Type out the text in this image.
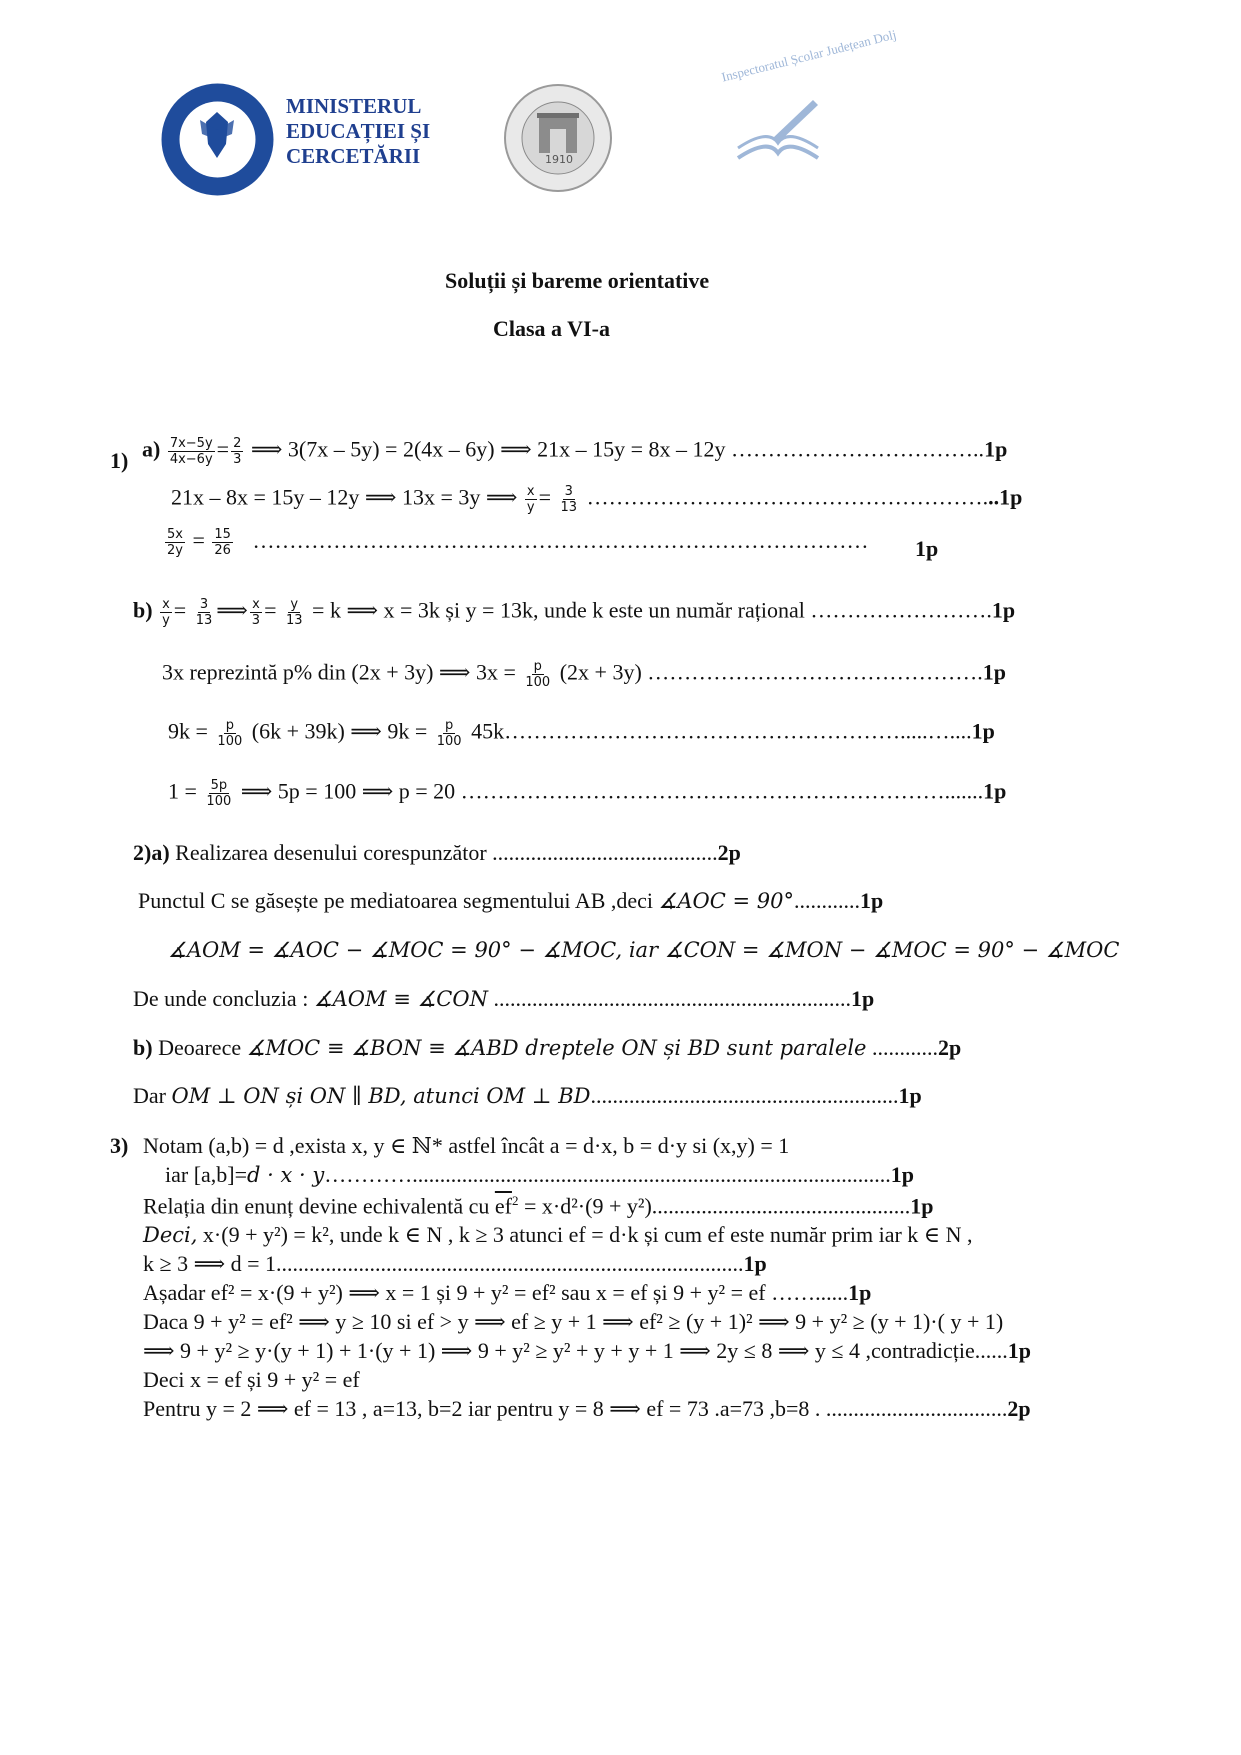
MINISTERUL
EDUCAȚIEI ȘI
CERCETĂRII	1910
Inspectoratul Școlar Județean Dolj
Soluții și bareme orientative
Clasa a VI-a
1) $a) \frac{7x-5y}{4x-6y} = \frac{2}{3}$ ⟹ 3(7x – 5y) = 2(4x – 6y) ⟹ 21x – 15y = 8x – 12y ……………………………..1p
21x – 8x = 15y – 12y ⟹ 13x = 3y ⟹ $\frac{x}{y} = \frac{3}{13}$ ………………………………………………...1p
$\frac{5x}{2y} = \frac{15}{26}$ ………………………………………………………………………… 1p
$b) \frac{x}{y} = \frac{3}{13}$ ⟹ $\frac{x}{3} = \frac{y}{13} = k$ ⟹ x = 3k și y = 13k, unde k este un număr rațional …………………….1p
3x reprezintă p% din (2x + 3y) ⟹ $3x = \frac{p}{100} (2x + 3y)$ ……………………………………….1p
$9k = \frac{p}{100} (6k + 39k)$ ⟹ $9k = \frac{p}{100}$ 45k……………………………………………….....…....1p
$1 = \frac{5p}{100}$ ⟹ 5p = 100 ⟹ p = 20 ………………………………………………………….......1p
2)a) Realizarea desenului corespunzător .........................................2p
Punctul C se găsește pe mediatoarea segmentului AB ,deci ∡AOC = 90°............1p
∡AOM = ∡AOC − ∡MOC = 90° − ∡MOC, iar ∡CON = ∡MON − ∡MOC = 90° − ∡MOC
De unde concluzia : ∡AOM ≡ ∡CON .................................................................1p
b) Deoarece ∡MOC ≡ ∡BON ≡ ∡ABD dreptele ON și BD sunt paralele ............2p
Dar OM ⊥ ON și ON ∥ BD, atunci OM ⊥ BD........................................................1p
3) Notam (a,b) = d ,exista x, y ∈ ℕ* astfel încât a = d·x, b = d·y si (x,y) = 1
iar [a,b]=d · x · y………….......................................................................................1p
Relația din enunț devine echivalentă cu $\overline{ef}^2 = x\cdot d^2\cdot(9 + y^2)...............................................1p$
Deci, x·(9 + y²) = k², unde k ∈ N , k ≥ 3 atunci ef = d·k și cum ef este număr prim iar k ∈ N ,
k ≥ 3 ⟹ d = 1.....................................................................................1p
Așadar ef² = x·(9 + y²) ⟹ x = 1 și 9 + y² = ef² sau x = ef și 9 + y² = ef ……......1p
Daca 9 + y² = ef² ⟹ y ≥ 10 si ef > y ⟹ ef ≥ y + 1 ⟹ ef² ≥ (y + 1)² ⟹ 9 + y² ≥ (y + 1)·( y + 1)
⟹ 9 + y² ≥ y·(y + 1) + 1·(y + 1) ⟹ 9 + y² ≥ y² + y + y + 1 ⟹ 2y ≤ 8 ⟹ y ≤ 4 ,contradicție......1p
Deci x = ef și 9 + y² = ef
Pentru y = 2 ⟹ ef = 13 , a=13, b=2 iar pentru y = 8 ⟹ ef = 73 .a=73 ,b=8 . .................................2p
